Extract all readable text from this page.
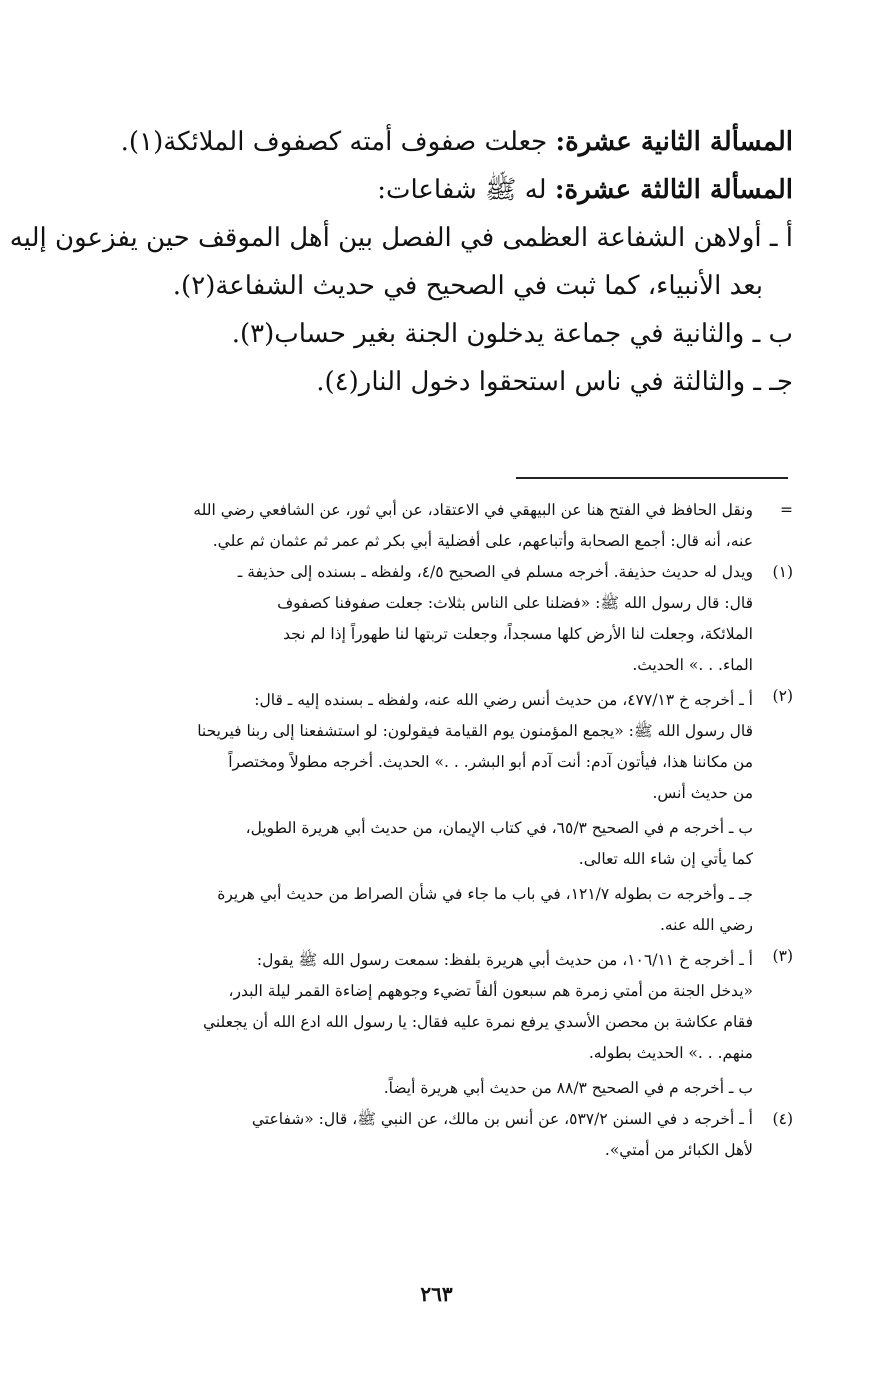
المسألة الثانية عشرة: جعلت صفوف أمته كصفوف الملائكة(١).
المسألة الثالثة عشرة: له ﷺ شفاعات:
أ ـ أولاهن الشفاعة العظمى في الفصل بين أهل الموقف حين يفزعون إليه
بعد الأنبياء، كما ثبت في الصحيح في حديث الشفاعة(٢).
ب ـ والثانية في جماعة يدخلون الجنة بغير حساب(٣).
جـ ـ والثالثة في ناس استحقوا دخول النار(٤).
=
ونقل الحافظ في الفتح هنا عن البيهقي في الاعتقاد، عن أبي ثور، عن الشافعي رضي الله
عنه، أنه قال: أجمع الصحابة وأتباعهم، على أفضلية أبي بكر ثم عمر ثم عثمان ثم علي.
(١)
ويدل له حديث حذيفة. أخرجه مسلم في الصحيح ٤/٥، ولفظه ـ بسنده إلى حذيفة ـ
قال: قال رسول الله ﷺ: «فضلنا على الناس بثلاث: جعلت صفوفنا كصفوف
الملائكة، وجعلت لنا الأرض كلها مسجداً، وجعلت تربتها لنا طهوراً إذا لم نجد
الماء. . .» الحديث.
(٢)
أ ـ أخرجه خ ٤٧٧/١٣، من حديث أنس رضي الله عنه، ولفظه ـ بسنده إليه ـ قال:
قال رسول الله ﷺ: «يجمع المؤمنون يوم القيامة فيقولون: لو استشفعنا إلى ربنا فيريحنا
من مكاننا هذا، فيأتون آدم: أنت آدم أبو البشر. . .» الحديث. أخرجه مطولاً ومختصراً
من حديث أنس.
ب ـ أخرجه م في الصحيح ٦٥/٣، في كتاب الإيمان، من حديث أبي هريرة الطويل،
كما يأتي إن شاء الله تعالى.
جـ ـ وأخرجه ت بطوله ١٢١/٧، في باب ما جاء في شأن الصراط من حديث أبي هريرة
رضي الله عنه.
(٣)
أ ـ أخرجه خ ١٠٦/١١، من حديث أبي هريرة بلفظ: سمعت رسول الله ﷺ يقول:
«يدخل الجنة من أمتي زمرة هم سبعون ألفاً تضيء وجوههم إضاءة القمر ليلة البدر،
فقام عكاشة بن محصن الأسدي يرفع نمرة عليه فقال: يا رسول الله ادع الله أن يجعلني
منهم. . .» الحديث بطوله.
ب ـ أخرجه م في الصحيح ٨٨/٣ من حديث أبي هريرة أيضاً.
(٤)
أ ـ أخرجه د في السنن ٥٣٧/٢، عن أنس بن مالك، عن النبي ﷺ، قال: «شفاعتي
لأهل الكبائر من أمتي».
٢٦٣
